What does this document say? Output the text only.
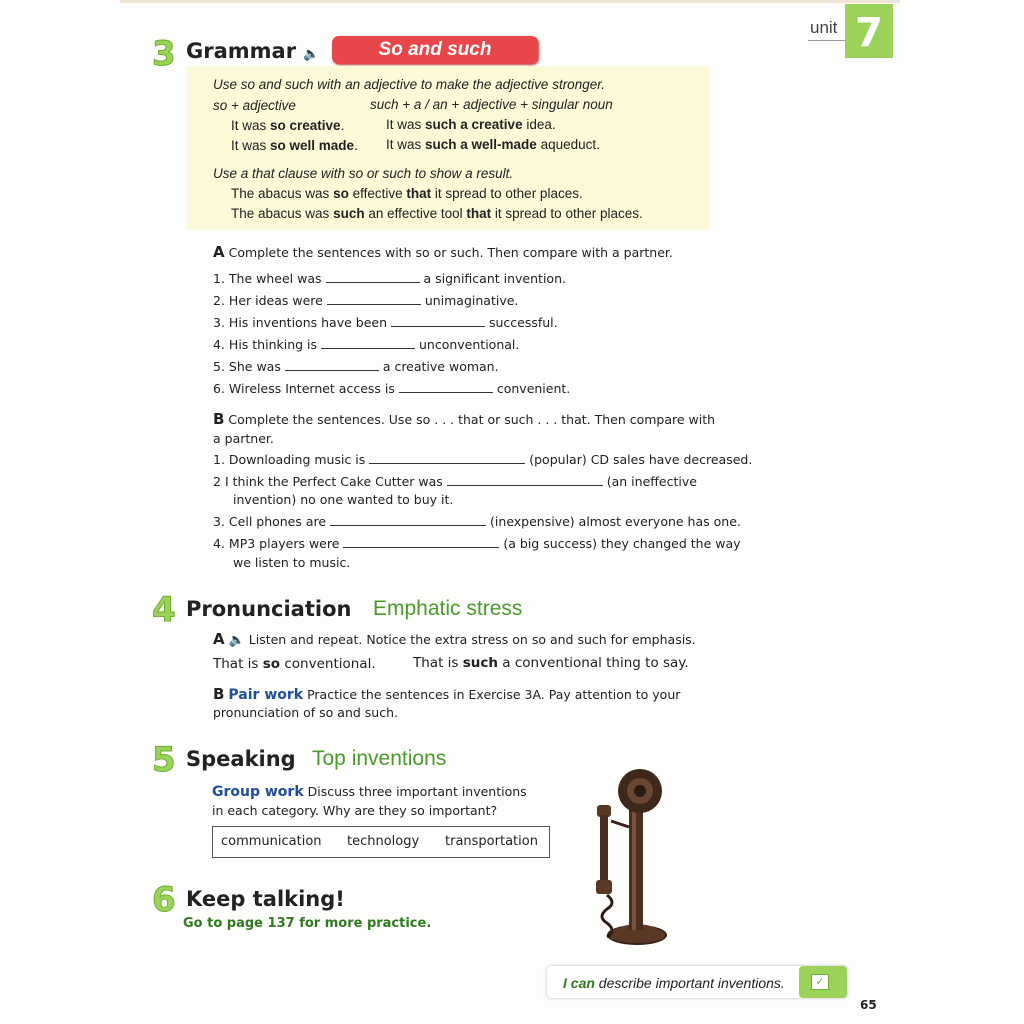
unit 7
3 Grammar 🔈	So and such
Use so and such with an adjective to make the adjective stronger.
so + adjective	such + a / an + adjective + singular noun
It was so creative.	It was such a creative idea.
It was so well made. It was such a well-made aqueduct.
Use a that clause with so or such to show a result.
The abacus was so effective that it spread to other places.
The abacus was such an effective tool that it spread to other places.
A Complete the sentences with so or such. Then compare with a partner.
1. The wheel was	a significant invention.
2. Her ideas were	unimaginative.
3. His inventions have been	successful.
4. His thinking is	unconventional.
5. She was	a creative woman.
6. Wireless Internet access is	convenient.
B Complete the sentences. Use so . . . that or such . . . that. Then compare with
a partner.
1. Downloading music is	(popular) CD sales have decreased.
2 I think the Perfect Cake Cutter was	(an ineffective
invention) no one wanted to buy it.
3. Cell phones are	(inexpensive) almost everyone has one.
4. MP3 players were	(a big success) they changed the way
we listen to music.
4 Pronunciation Emphatic stress
A 🔈 Listen and repeat. Notice the extra stress on so and such for emphasis.
That is so conventional.	That is such a conventional thing to say.
B Pair work Practice the sentences in Exercise 3A. Pay attention to your
pronunciation of so and such.
5 Speaking Top inventions
Group work Discuss three important inventions
in each category. Why are they so important?
communication technology transportation
6 Keep talking!
Go to page 137 for more practice.
I can describe important inventions.	✓
65
